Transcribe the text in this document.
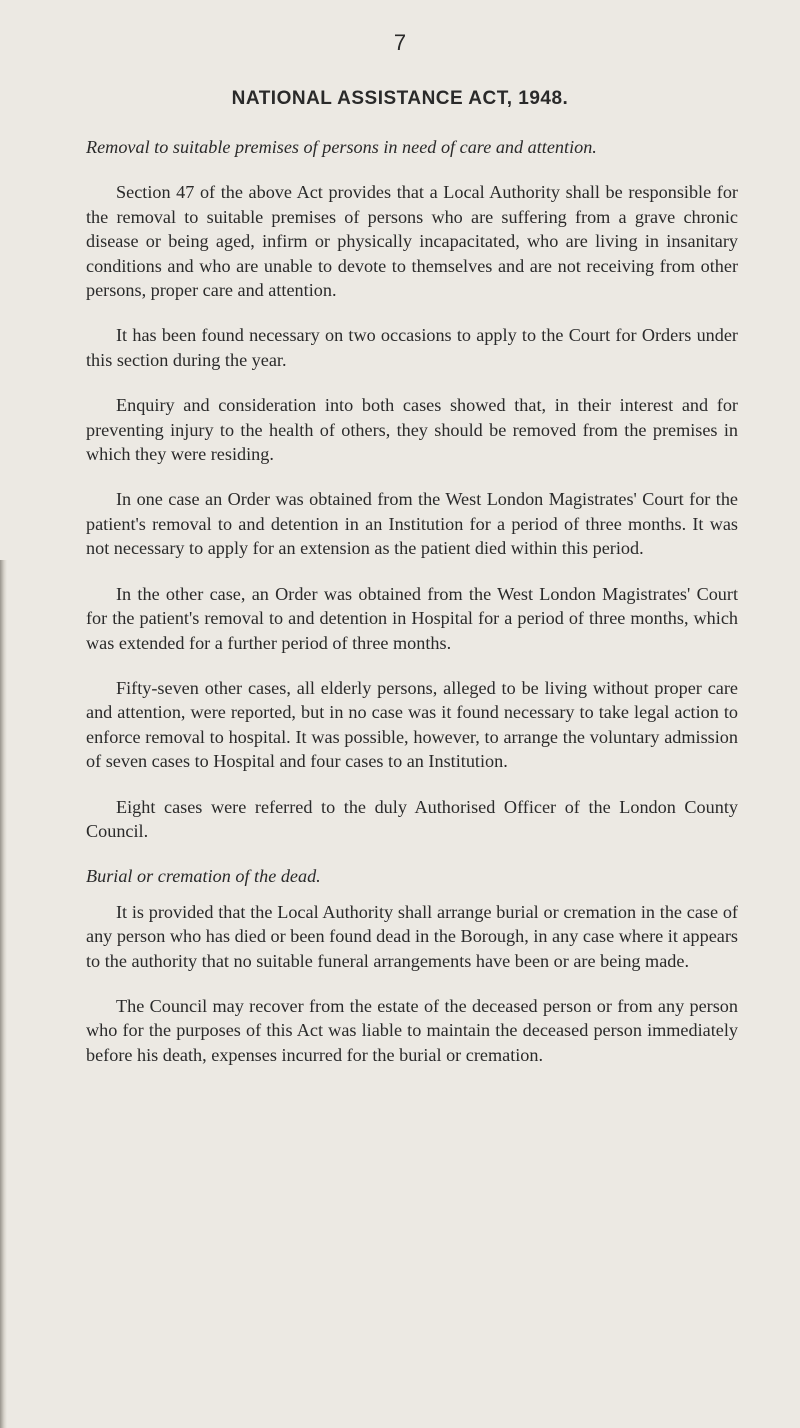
7
NATIONAL ASSISTANCE ACT, 1948.

Removal to suitable premises of persons in need of care and attention.

Section 47 of the above Act provides that a Local Authority shall be responsible for the removal to suitable premises of persons who are suffering from a grave chronic disease or being aged, infirm or physically incapacitated, who are living in insanitary conditions and who are unable to devote to themselves and are not receiving from other persons, proper care and attention.

It has been found necessary on two occasions to apply to the Court for Orders under this section during the year.

Enquiry and consideration into both cases showed that, in their interest and for preventing injury to the health of others, they should be removed from the premises in which they were residing.

In one case an Order was obtained from the West London Magistrates' Court for the patient's removal to and detention in an Institution for a period of three months. It was not necessary to apply for an extension as the patient died within this period.

In the other case, an Order was obtained from the West London Magistrates' Court for the patient's removal to and detention in Hospital for a period of three months, which was extended for a further period of three months.

Fifty-seven other cases, all elderly persons, alleged to be living without proper care and attention, were reported, but in no case was it found necessary to take legal action to enforce removal to hospital. It was possible, however, to arrange the voluntary admission of seven cases to Hospital and four cases to an Institution.

Eight cases were referred to the duly Authorised Officer of the London County Council.

Burial or cremation of the dead.

It is provided that the Local Authority shall arrange burial or cremation in the case of any person who has died or been found dead in the Borough, in any case where it appears to the authority that no suitable funeral arrangements have been or are being made.

The Council may recover from the estate of the deceased person or from any person who for the purposes of this Act was liable to maintain the deceased person immediately before his death, expenses incurred for the burial or cremation.
